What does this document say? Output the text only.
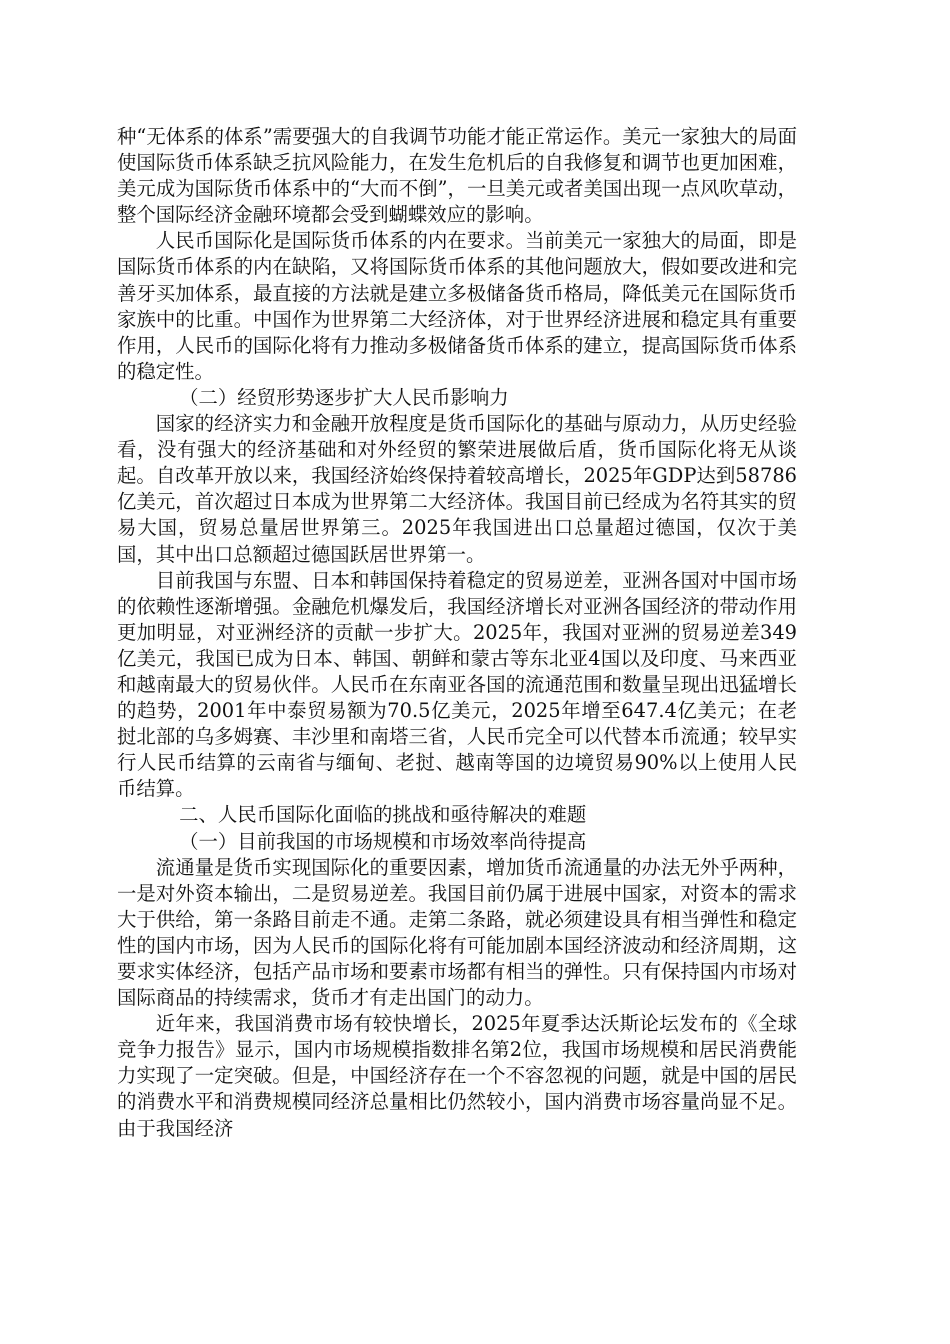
种“无体系的体系”需要强大的自我调节功能才能正常运作。美元一家独大的局面使国际货币体系缺乏抗风险能力，在发生危机后的自我修复和调节也更加困难，美元成为国际货币体系中的“大而不倒”，一旦美元或者美国出现一点风吹草动，整个国际经济金融环境都会受到蝴蝶效应的影响。

人民币国际化是国际货币体系的内在要求。当前美元一家独大的局面，即是国际货币体系的内在缺陷，又将国际货币体系的其他问题放大，假如要改进和完善牙买加体系，最直接的方法就是建立多极储备货币格局，降低美元在国际货币家族中的比重。中国作为世界第二大经济体，对于世界经济进展和稳定具有重要作用，人民币的国际化将有力推动多极储备货币体系的建立，提高国际货币体系的稳定性。

（二）经贸形势逐步扩大人民币影响力

国家的经济实力和金融开放程度是货币国际化的基础与原动力，从历史经验看，没有强大的经济基础和对外经贸的繁荣进展做后盾，货币国际化将无从谈起。自改革开放以来，我国经济始终保持着较高增长，2025年GDP达到58786亿美元，首次超过日本成为世界第二大经济体。我国目前已经成为名符其实的贸易大国，贸易总量居世界第三。2025年我国进出口总量超过德国，仅次于美国，其中出口总额超过德国跃居世界第一。

目前我国与东盟、日本和韩国保持着稳定的贸易逆差，亚洲各国对中国市场的依赖性逐渐增强。金融危机爆发后，我国经济增长对亚洲各国经济的带动作用更加明显，对亚洲经济的贡献一步扩大。2025年，我国对亚洲的贸易逆差349亿美元，我国已成为日本、韩国、朝鲜和蒙古等东北亚4国以及印度、马来西亚和越南最大的贸易伙伴。人民币在东南亚各国的流通范围和数量呈现出迅猛增长的趋势，2001年中泰贸易额为70.5亿美元，2025年增至647.4亿美元；在老挝北部的乌多姆赛、丰沙里和南塔三省，人民币完全可以代替本币流通；较早实行人民币结算的云南省与缅甸、老挝、越南等国的边境贸易90%以上使用人民币结算。

二、人民币国际化面临的挑战和亟待解决的难题

（一）目前我国的市场规模和市场效率尚待提高

流通量是货币实现国际化的重要因素，增加货币流通量的办法无外乎两种，一是对外资本输出，二是贸易逆差。我国目前仍属于进展中国家，对资本的需求大于供给，第一条路目前走不通。走第二条路，就必须建设具有相当弹性和稳定性的国内市场，因为人民币的国际化将有可能加剧本国经济波动和经济周期，这要求实体经济，包括产品市场和要素市场都有相当的弹性。只有保持国内市场对国际商品的持续需求，货币才有走出国门的动力。

近年来，我国消费市场有较快增长，2025年夏季达沃斯论坛发布的《全球竞争力报告》显示，国内市场规模指数排名第2位，我国市场规模和居民消费能力实现了一定突破。但是，中国经济存在一个不容忽视的问题，就是中国的居民的消费水平和消费规模同经济总量相比仍然较小，国内消费市场容量尚显不足。由于我国经济
